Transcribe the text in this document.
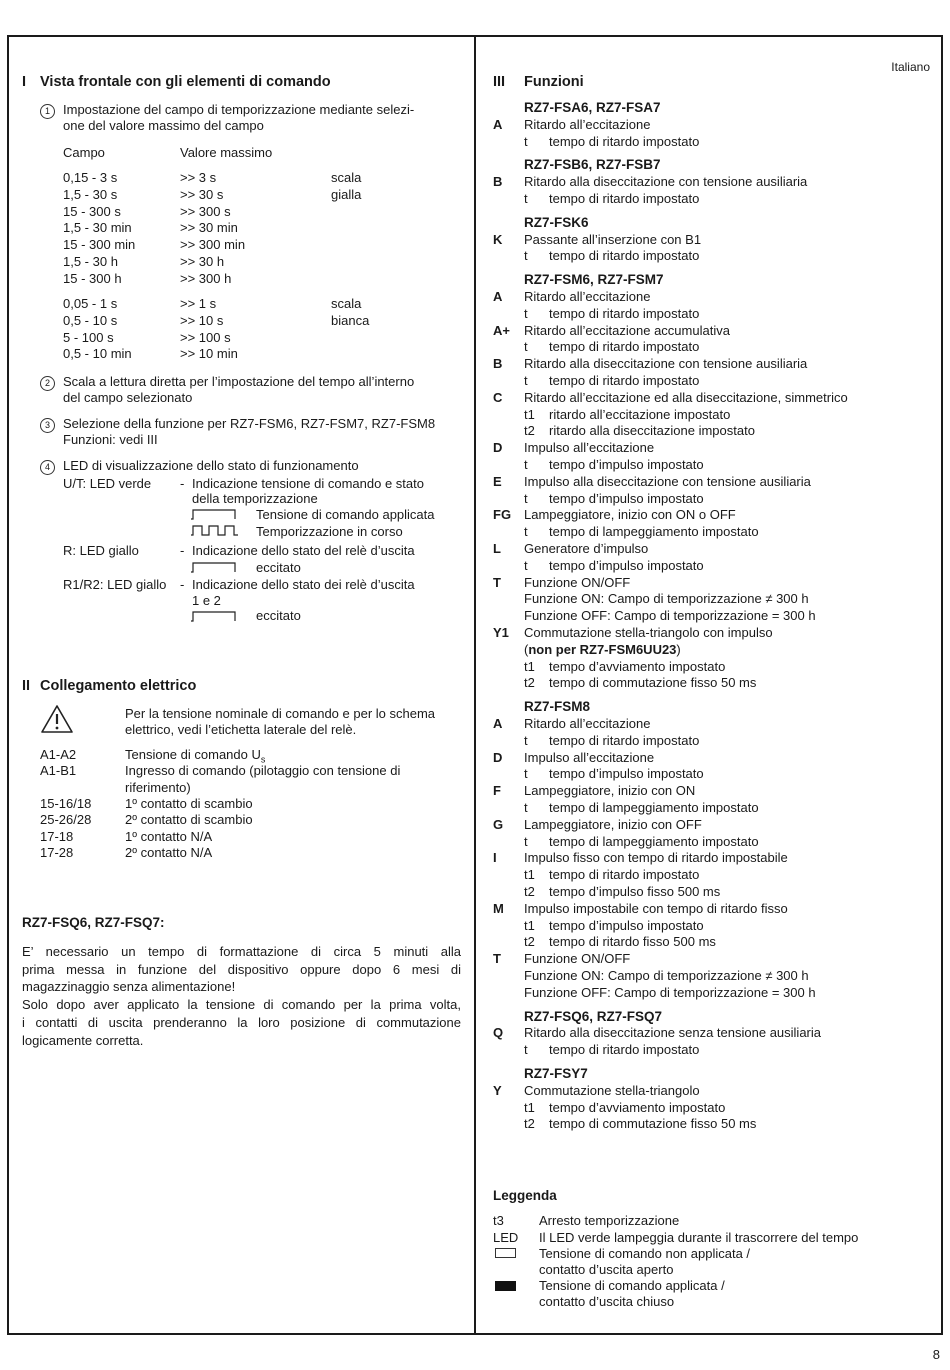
Italiano
I Vista frontale con gli elementi di comando
1	Impostazione del campo di temporizzazione mediante selezi-
one del valore massimo del campo
Campo	Valore massimo
0,15 - 3 s	>> 3 s	scala
1,5 - 30 s	>> 30 s	gialla
15 - 300 s	>> 300 s
1,5 - 30 min	>> 30 min
15 - 300 min	>> 300 min
1,5 - 30 h	>> 30 h
15 - 300 h	>> 300 h
0,05 - 1 s	>> 1 s	scala
0,5 - 10 s	>> 10 s	bianca
5 - 100 s	>> 100 s
0,5 - 10 min	>> 10 min
2	Scala a lettura diretta per l’impostazione del tempo all’interno
del campo selezionato
3	Selezione della funzione per RZ7-FSM6, RZ7-FSM7, RZ7-FSM8
Funzioni: vedi III
4	LED di visualizzazione dello stato di funzionamento
U/T: LED verde - Indicazione tensione di comando e stato
della temporizzazione
Tensione di comando applicata
Temporizzazione in corso
R: LED giallo	- Indicazione dello stato del relè d’uscita
eccitato
R1/R2: LED giallo - Indicazione dello stato dei relè d’uscita
1 e 2
eccitato
II Collegamento elettrico
Per la tensione nominale di comando e per lo schema
elettrico, vedi l’etichetta laterale del relè.
A1-A2	Tensione di comando $U_s$
A1-B1	Ingresso di comando (pilotaggio con tensione di
riferimento)
15-16/18	1º contatto di scambio
25-26/28	2º contatto di scambio
17-18	1º contatto N/A
17-28	2º contatto N/A
RZ7-FSQ6, RZ7-FSQ7:
E’ necessario un tempo di formattazione di circa 5 minuti alla
prima messa in funzione del dispositivo oppure dopo 6 mesi di
magazzinaggio senza alimentazione!
Solo dopo aver applicato la tensione di comando per la prima volta,
i contatti di uscita prenderanno la loro posizione di commutazione
logicamente corretta.
III Funzioni
RZ7-FSA6, RZ7-FSA7
A Ritardo all’eccitazione
t tempo di ritardo impostato
RZ7-FSB6, RZ7-FSB7
B Ritardo alla diseccitazione con tensione ausiliaria
t tempo di ritardo impostato
RZ7-FSK6
K Passante all’inserzione con B1
t tempo di ritardo impostato
RZ7-FSM6, RZ7-FSM7
A Ritardo all’eccitazione
t tempo di ritardo impostato
A+ Ritardo all’eccitazione accumulativa
t tempo di ritardo impostato
B Ritardo alla diseccitazione con tensione ausiliaria
t tempo di ritardo impostato
C Ritardo all’eccitazione ed alla diseccitazione, simmetrico
t1 ritardo all’eccitazione impostato
t2 ritardo alla diseccitazione impostato
D Impulso all’eccitazione
t tempo d’impulso impostato
E Impulso alla diseccitazione con tensione ausiliaria
t tempo d’impulso impostato
FG Lampeggiatore, inizio con ON o OFF
t tempo di lampeggiamento impostato
L Generatore d’impulso
t tempo d’impulso impostato
T Funzione ON/OFF
Funzione ON: Campo di temporizzazione ≠ 300 h
Funzione OFF: Campo di temporizzazione = 300 h
Y1 Commutazione stella-triangolo con impulso
(non per RZ7-FSM6UU23)
t1 tempo d’avviamento impostato
t2 tempo di commutazione fisso 50 ms
RZ7-FSM8
A Ritardo all’eccitazione
t tempo di ritardo impostato
D Impulso all’eccitazione
t tempo d’impulso impostato
F Lampeggiatore, inizio con ON
t tempo di lampeggiamento impostato
G Lampeggiatore, inizio con OFF
t tempo di lampeggiamento impostato
I Impulso fisso con tempo di ritardo impostabile
t1 tempo di ritardo impostato
t2 tempo d’impulso fisso 500 ms
M Impulso impostabile con tempo di ritardo fisso
t1 tempo d’impulso impostato
t2 tempo di ritardo fisso 500 ms
T Funzione ON/OFF
Funzione ON: Campo di temporizzazione ≠ 300 h
Funzione OFF: Campo di temporizzazione = 300 h
RZ7-FSQ6, RZ7-FSQ7
Q Ritardo alla diseccitazione senza tensione ausiliaria
t tempo di ritardo impostato
RZ7-FSY7
Y Commutazione stella-triangolo
t1 tempo d’avviamento impostato
t2 tempo di commutazione fisso 50 ms
Leggenda
t3	Arresto temporizzazione
LED Il LED verde lampeggia durante il trascorrere del tempo
Tensione di comando non applicata /
contatto d’uscita aperto
Tensione di comando applicata /
contatto d’uscita chiuso
8
